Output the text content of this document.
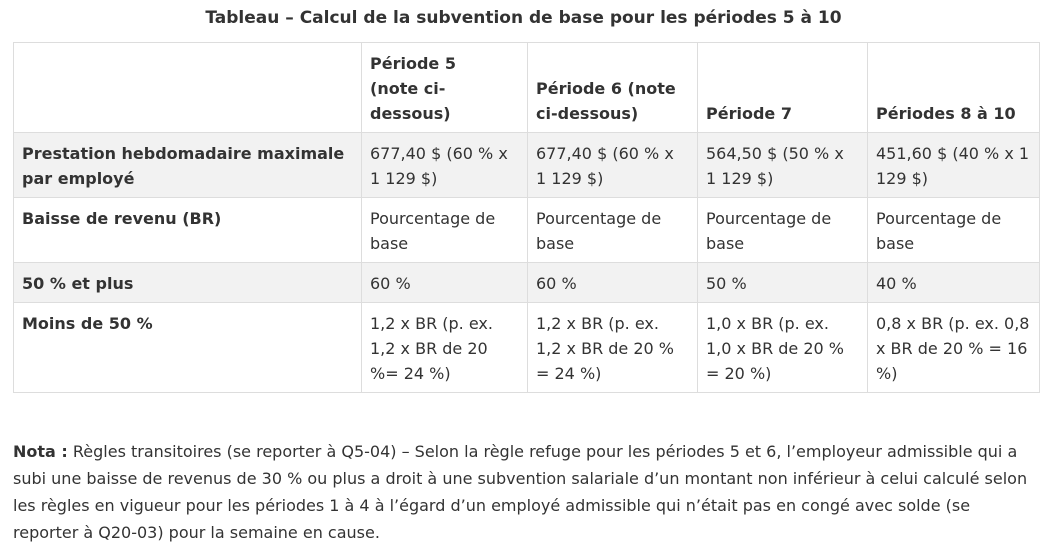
Tableau – Calcul de la subvention de base pour les périodes 5 à 10
	Période 5 (note ci-dessous)	Période 6 (note ci-dessous)	Période 7	Périodes 8 à 10
Prestation hebdomadaire maximale par employé	677,40 $ (60 % x 1 129 $)	677,40 $ (60 % x 1 129 $)	564,50 $ (50 % x 1 129 $)	451,60 $ (40 % x 1 129 $)
Baisse de revenu (BR)	Pourcentage de base	Pourcentage de base	Pourcentage de base	Pourcentage de base
50 % et plus	60 %	60 %	50 %	40 %
Moins de 50 %	1,2 x BR (p. ex. 1,2 x BR de 20 %= 24 %)	1,2 x BR (p. ex. 1,2 x BR de 20 % = 24 %)	1,0 x BR (p. ex. 1,0 x BR de 20 % = 20 %)	0,8 x BR (p. ex. 0,8 x BR de 20 % = 16 %)
Nota : Règles transitoires (se reporter à Q5-04) – Selon la règle refuge pour les périodes 5 et 6, l’employeur admissible qui a subi une baisse de revenus de 30 % ou plus a droit à une subvention salariale d’un montant non inférieur à celui calculé selon les règles en vigueur pour les périodes 1 à 4 à l’égard d’un employé admissible qui n’était pas en congé avec solde (se reporter à Q20-03) pour la semaine en cause.
